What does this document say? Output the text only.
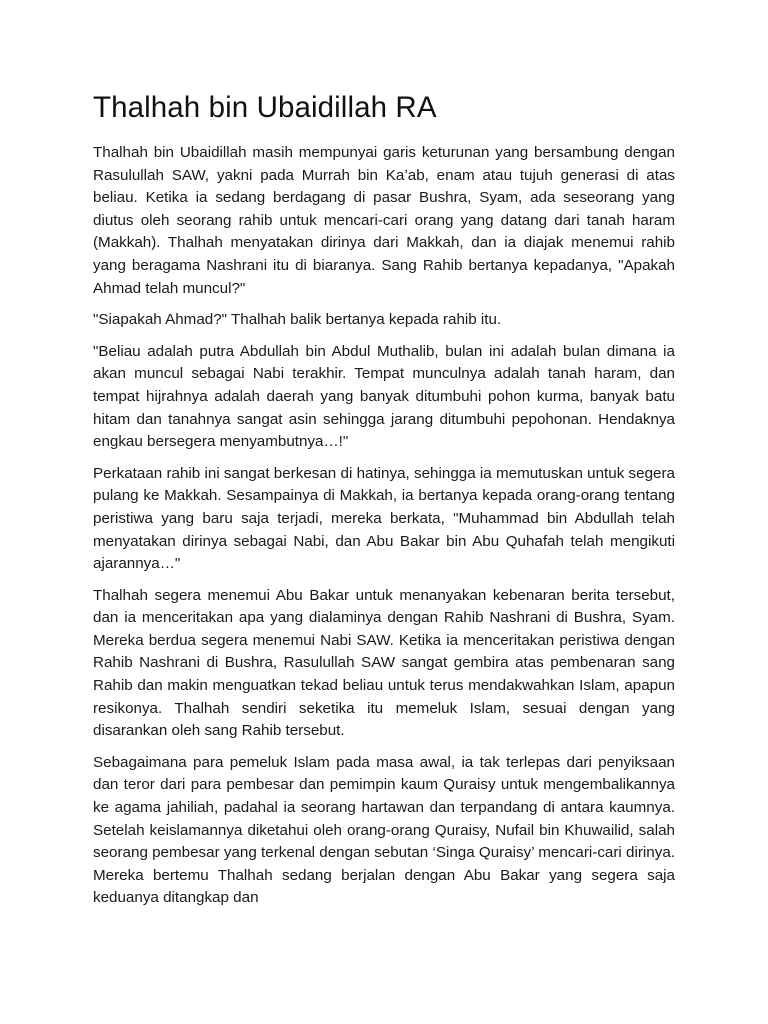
Thalhah bin Ubaidillah RA

Thalhah bin Ubaidillah masih mempunyai garis keturunan yang bersambung dengan Rasulullah SAW, yakni pada Murrah bin Ka’ab, enam atau tujuh generasi di atas beliau. Ketika ia sedang berdagang di pasar Bushra, Syam, ada seseorang yang diutus oleh seorang rahib untuk mencari-cari orang yang datang dari tanah haram (Makkah). Thalhah menyatakan dirinya dari Makkah, dan ia diajak menemui rahib yang beragama Nashrani itu di biaranya. Sang Rahib bertanya kepadanya, "Apakah Ahmad telah muncul?"

"Siapakah Ahmad?" Thalhah balik bertanya kepada rahib itu.

"Beliau adalah putra Abdullah bin Abdul Muthalib, bulan ini adalah bulan dimana ia akan muncul sebagai Nabi terakhir. Tempat munculnya adalah tanah haram, dan tempat hijrahnya adalah daerah yang banyak ditumbuhi pohon kurma, banyak batu hitam dan tanahnya sangat asin sehingga jarang ditumbuhi pepohonan. Hendaknya engkau bersegera menyambutnya…!"

Perkataan rahib ini sangat berkesan di hatinya, sehingga ia memutuskan untuk segera pulang ke Makkah. Sesampainya di Makkah, ia bertanya kepada orang-orang tentang peristiwa yang baru saja terjadi, mereka berkata, "Muhammad bin Abdullah telah menyatakan dirinya sebagai Nabi, dan Abu Bakar bin Abu Quhafah telah mengikuti ajarannya…"

Thalhah segera menemui Abu Bakar untuk menanyakan kebenaran berita tersebut, dan ia menceritakan apa yang dialaminya dengan Rahib Nashrani di Bushra, Syam. Mereka berdua segera menemui Nabi SAW. Ketika ia menceritakan peristiwa dengan Rahib Nashrani di Bushra, Rasulullah SAW sangat gembira atas pembenaran sang Rahib dan makin menguatkan tekad beliau untuk terus mendakwahkan Islam, apapun resikonya. Thalhah sendiri seketika itu memeluk Islam, sesuai dengan yang disarankan oleh sang Rahib tersebut.

Sebagaimana para pemeluk Islam pada masa awal, ia tak terlepas dari penyiksaan dan teror dari para pembesar dan pemimpin kaum Quraisy untuk mengembalikannya ke agama jahiliah, padahal ia seorang hartawan dan terpandang di antara kaumnya. Setelah keislamannya diketahui oleh orang-orang Quraisy, Nufail bin Khuwailid, salah seorang pembesar yang terkenal dengan sebutan ‘Singa Quraisy’ mencari-cari dirinya. Mereka bertemu Thalhah sedang berjalan dengan Abu Bakar yang segera saja keduanya ditangkap dan
